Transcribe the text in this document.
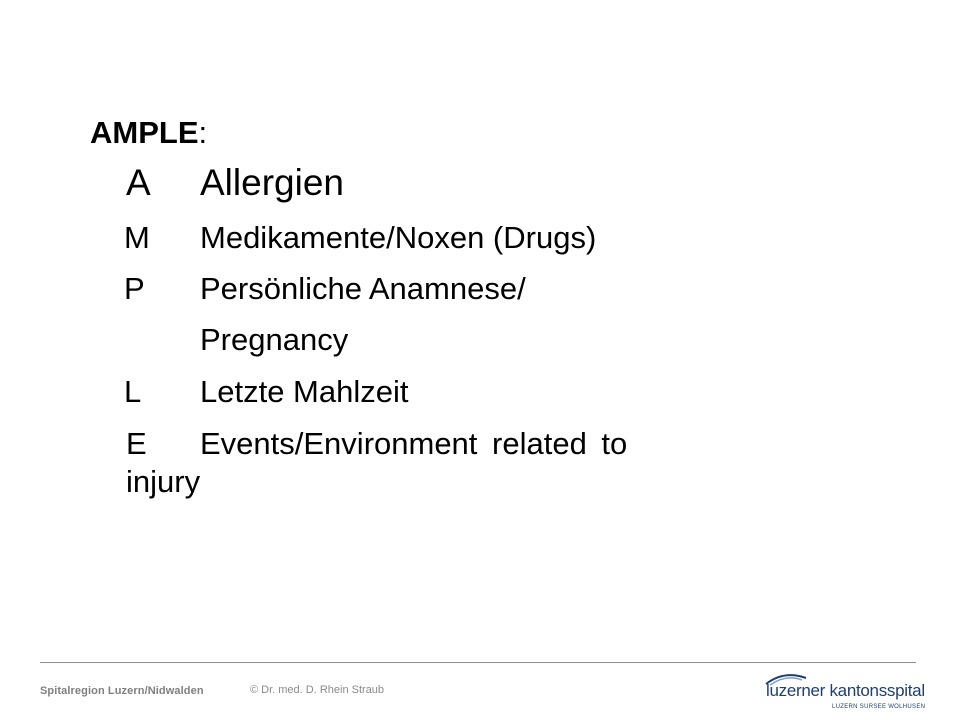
AMPLE:
A Allergien
M Medikamente/Noxen (Drugs)
P Persönliche Anamnese/
Pregnancy
L Letzte Mahlzeit
E Events/Environment related to
injury
Spitalregion Luzern/Nidwalden	© Dr. med. D. Rhein Straub	luzerner kantonsspital
LUZERN SURSEE WOLHUSEN
